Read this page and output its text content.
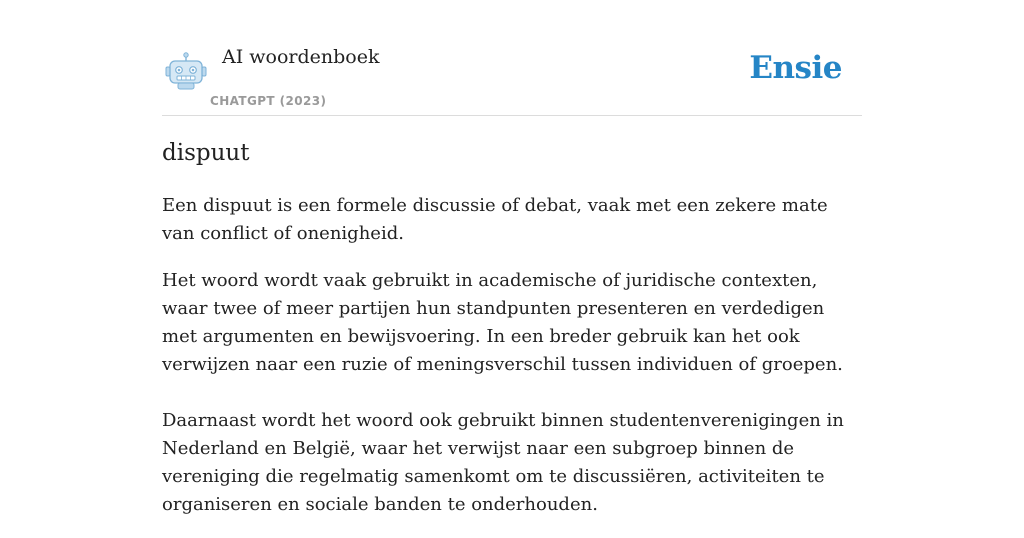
AI woordenboek
CHATGPT (2023)
Ensie
dispuut

Een dispuut is een formele discussie of debat, vaak met een zekere mate van conflict of onenigheid.

Het woord wordt vaak gebruikt in academische of juridische contexten, waar twee of meer partijen hun standpunten presenteren en verdedigen met argumenten en bewijsvoering. In een breder gebruik kan het ook verwijzen naar een ruzie of meningsverschil tussen individuen of groepen.

Daarnaast wordt het woord ook gebruikt binnen studentenverenigingen in Nederland en België, waar het verwijst naar een subgroep binnen de vereniging die regelmatig samenkomt om te discussiëren, activiteiten te organiseren en sociale banden te onderhouden.
